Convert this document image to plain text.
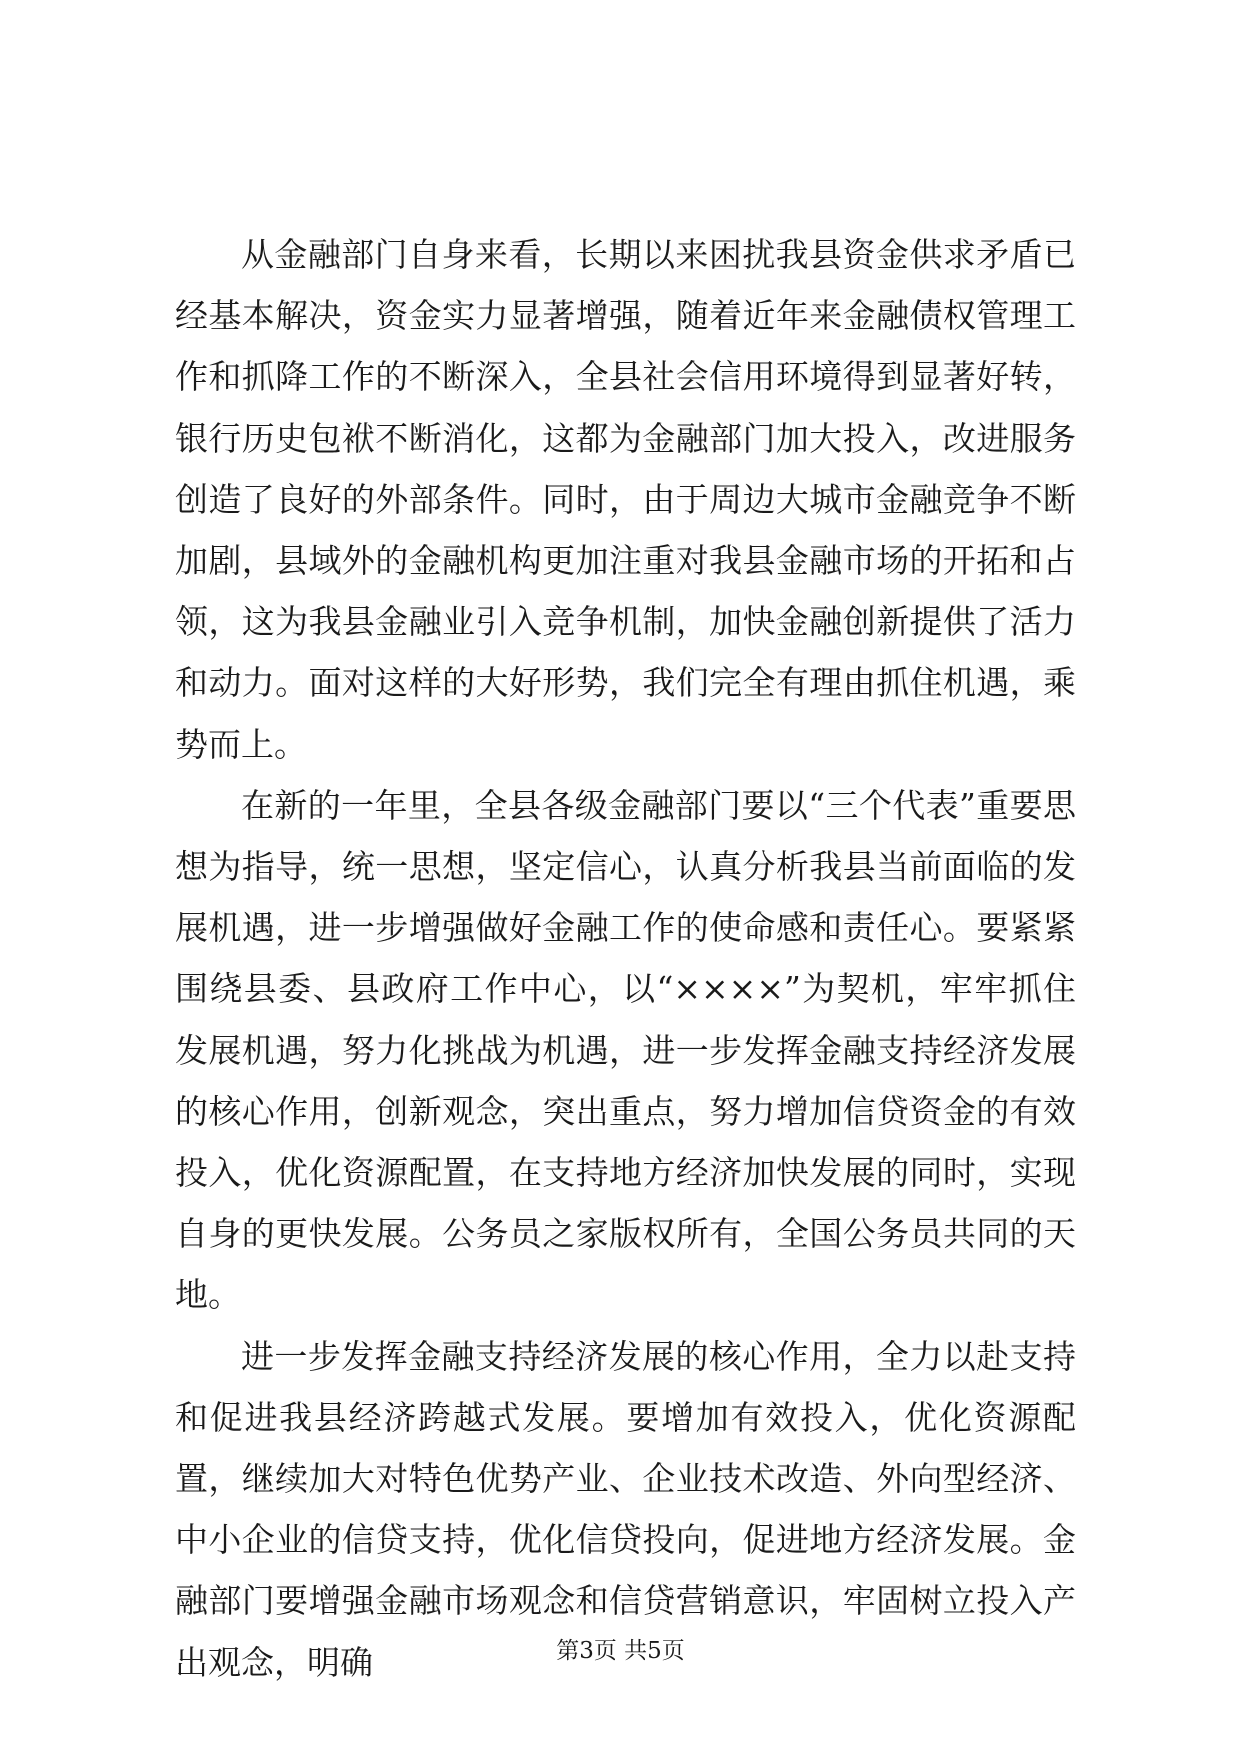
从金融部门自身来看，长期以来困扰我县资金供求矛盾已经基本解决，资金实力显著增强，随着近年来金融债权管理工作和抓降工作的不断深入，全县社会信用环境得到显著好转，银行历史包袱不断消化，这都为金融部门加大投入，改进服务创造了良好的外部条件。同时，由于周边大城市金融竞争不断加剧，县域外的金融机构更加注重对我县金融市场的开拓和占领，这为我县金融业引入竞争机制，加快金融创新提供了活力和动力。面对这样的大好形势，我们完全有理由抓住机遇，乘势而上。

在新的一年里，全县各级金融部门要以“三个代表”重要思想为指导，统一思想，坚定信心，认真分析我县当前面临的发展机遇，进一步增强做好金融工作的使命感和责任心。要紧紧围绕县委、县政府工作中心，以“××××”为契机，牢牢抓住发展机遇，努力化挑战为机遇，进一步发挥金融支持经济发展的核心作用，创新观念，突出重点，努力增加信贷资金的有效投入，优化资源配置，在支持地方经济加快发展的同时，实现自身的更快发展。公务员之家版权所有，全国公务员共同的天地。

进一步发挥金融支持经济发展的核心作用，全力以赴支持和促进我县经济跨越式发展。要增加有效投入，优化资源配置，继续加大对特色优势产业、企业技术改造、外向型经济、中小企业的信贷支持，优化信贷投向，促进地方经济发展。金融部门要增强金融市场观念和信贷营销意识，牢固树立投入产出观念，明确	第3页 共5页
